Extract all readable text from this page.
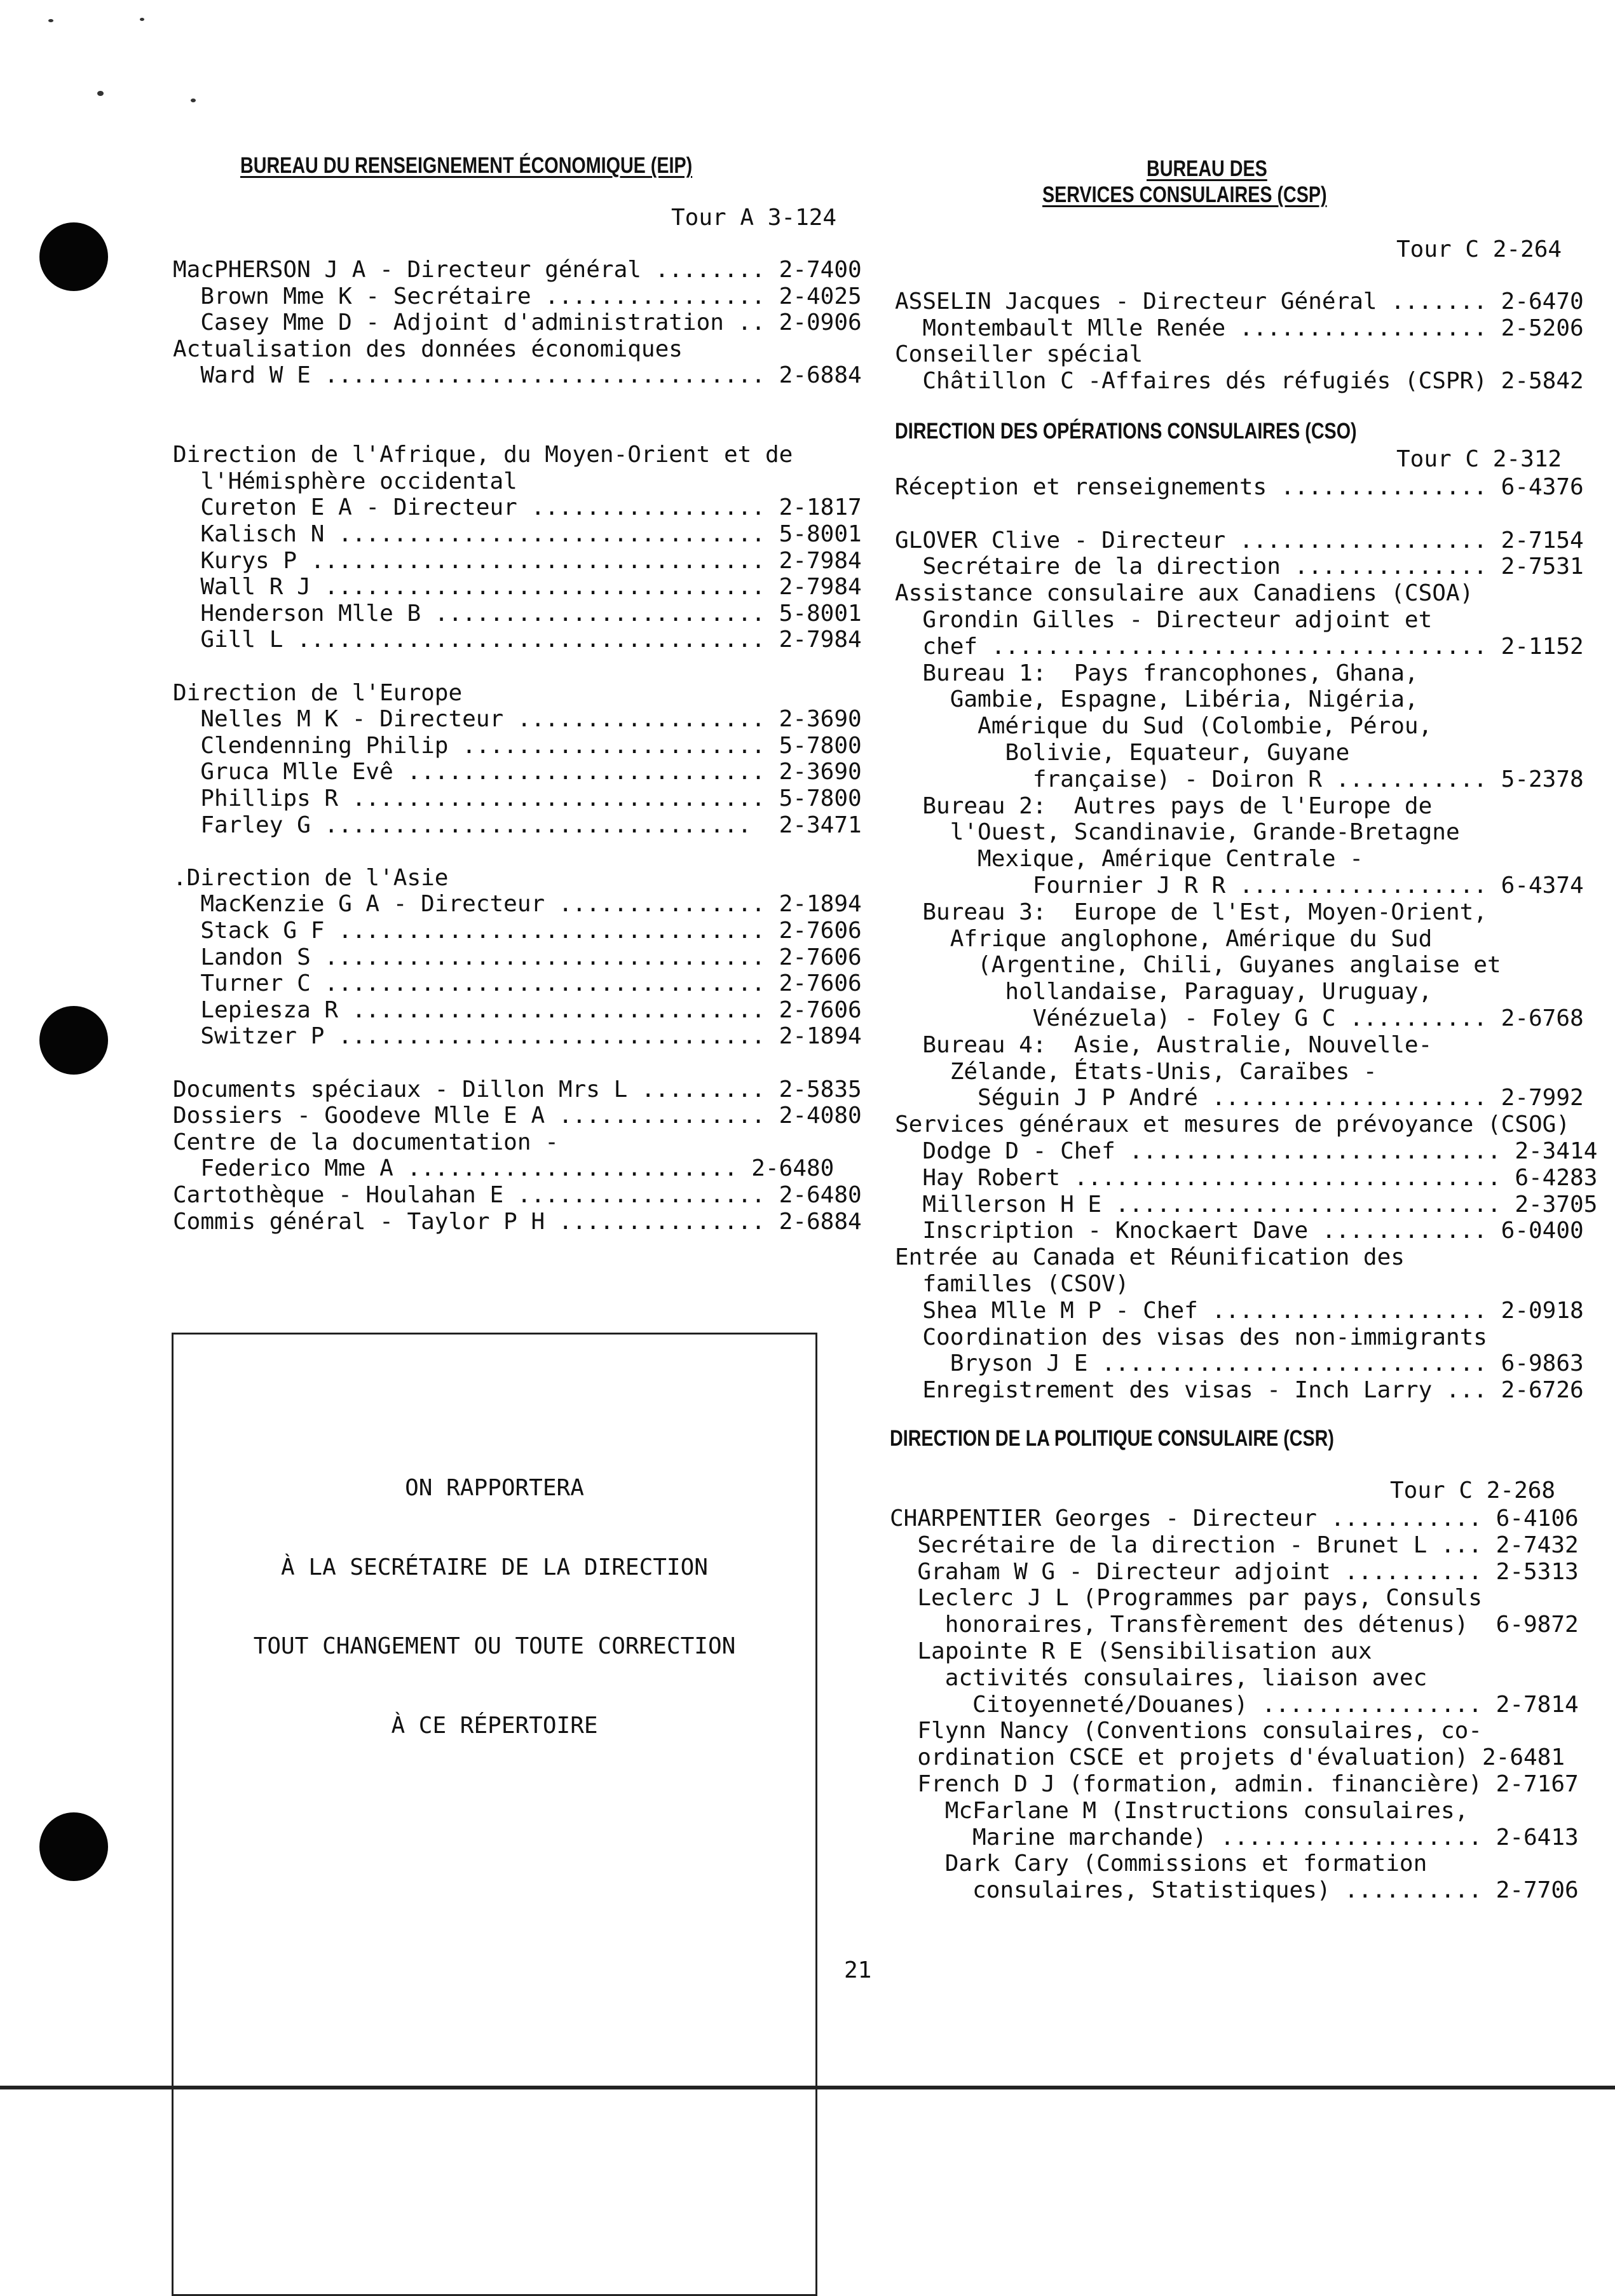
BUREAU DU RENSEIGNEMENT ÉCONOMIQUE (EIP)
Tour A 3-124
MacPHERSON J A - Directeur général ........ 2-7400
Brown Mme K - Secrétaire ................ 2-4025
Casey Mme D - Adjoint d'administration .. 2-0906
Actualisation des données économiques
Ward W E ................................ 2-6884
Direction de l'Afrique, du Moyen-Orient et de
l'Hémisphère occidental
Cureton E A - Directeur ................. 2-1817
Kalisch N ............................... 5-8001
Kurys P ................................. 2-7984
Wall R J ................................ 2-7984
Henderson Mlle B ........................ 5-8001
Gill L .................................. 2-7984
Direction de l'Europe
Nelles M K - Directeur .................. 2-3690
Clendenning Philip ...................... 5-7800
Gruca Mlle Evê .......................... 2-3690
Phillips R .............................. 5-7800
Farley G ...............................  2-3471
.Direction de l'Asie
MacKenzie G A - Directeur ............... 2-1894
Stack G F ............................... 2-7606
Landon S ................................ 2-7606
Turner C ................................ 2-7606
Lepiesza R .............................. 2-7606
Switzer P ............................... 2-1894
Documents spéciaux - Dillon Mrs L ......... 2-5835
Dossiers - Goodeve Mlle E A ............... 2-4080
Centre de la documentation -
Federico Mme A ........................ 2-6480
Cartothèque - Houlahan E .................. 2-6480
Commis général - Taylor P H ............... 2-6884
ON RAPPORTERA
À LA SECRÉTAIRE DE LA DIRECTION
TOUT CHANGEMENT OU TOUTE CORRECTION
À CE RÉPERTOIRE
BUREAU DES
SERVICES CONSULAIRES (CSP)
Tour C 2-264
ASSELIN Jacques - Directeur Général ....... 2-6470
Montembault Mlle Renée .................. 2-5206
Conseiller spécial
Châtillon C -Affaires dés réfugiés (CSPR) 2-5842
DIRECTION DES OPÉRATIONS CONSULAIRES (CSO)
Tour C 2-312
Réception et renseignements ............... 6-4376
GLOVER Clive - Directeur .................. 2-7154
Secrétaire de la direction .............. 2-7531
Assistance consulaire aux Canadiens (CSOA)
Grondin Gilles - Directeur adjoint et
chef .................................... 2-1152
Bureau 1:  Pays francophones, Ghana,
Gambie, Espagne, Libéria, Nigéria,
Amérique du Sud (Colombie, Pérou,
Bolivie, Equateur, Guyane
française) - Doiron R ........... 5-2378
Bureau 2:  Autres pays de l'Europe de
l'Ouest, Scandinavie, Grande-Bretagne
Mexique, Amérique Centrale -
Fournier J R R .................. 6-4374
Bureau 3:  Europe de l'Est, Moyen-Orient,
Afrique anglophone, Amérique du Sud
(Argentine, Chili, Guyanes anglaise et
hollandaise, Paraguay, Uruguay,
Vénézuela) - Foley G C .......... 2-6768
Bureau 4:  Asie, Australie, Nouvelle-
Zélande, États-Unis, Caraïbes -
Séguin J P André .................... 2-7992
Services généraux et mesures de prévoyance (CSOG)
Dodge D - Chef ........................... 2-3414
Hay Robert ............................... 6-4283
Millerson H E ............................ 2-3705
Inscription - Knockaert Dave ............ 6-0400
Entrée au Canada et Réunification des
familles (CSOV)
Shea Mlle M P - Chef .................... 2-0918
Coordination des visas des non-immigrants
Bryson J E ............................ 6-9863
Enregistrement des visas - Inch Larry ... 2-6726
DIRECTION DE LA POLITIQUE CONSULAIRE (CSR)
Tour C 2-268
CHARPENTIER Georges - Directeur ........... 6-4106
Secrétaire de la direction - Brunet L ... 2-7432
Graham W G - Directeur adjoint .......... 2-5313
Leclerc J L (Programmes par pays, Consuls
honoraires, Transfèrement des détenus)  6-9872
Lapointe R E (Sensibilisation aux
activités consulaires, liaison avec
Citoyenneté/Douanes) ................ 2-7814
Flynn Nancy (Conventions consulaires, co-
ordination CSCE et projets d'évaluation) 2-6481
French D J (formation, admin. financière) 2-7167
McFarlane M (Instructions consulaires,
Marine marchande) ................... 2-6413
Dark Cary (Commissions et formation
consulaires, Statistiques) .......... 2-7706
21
